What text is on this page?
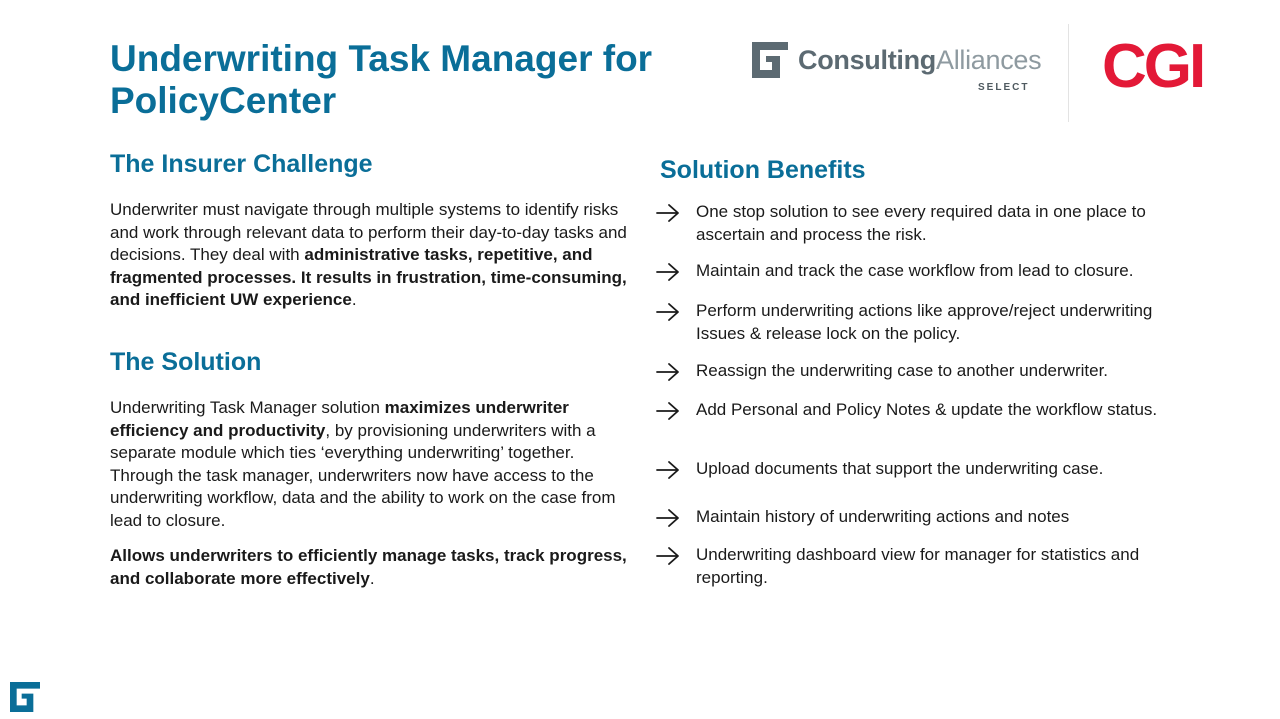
Underwriting Task Manager for PolicyCenter
ConsultingAlliances
SELECT CGI
The Insurer Challenge
Underwriter must navigate through multiple systems to identify risks and work through relevant data to perform their day-to-day tasks and decisions. They deal with administrative tasks, repetitive, and fragmented processes. It results in frustration, time-consuming, and inefficient UW experience.
The Solution
Underwriting Task Manager solution maximizes underwriter efficiency and productivity, by provisioning underwriters with a separate module which ties ‘everything underwriting’ together. Through the task manager, underwriters now have access to the underwriting workflow, data and the ability to work on the case from lead to closure.
Allows underwriters to efficiently manage tasks, track progress, and collaborate more effectively.
Solution Benefits
One stop solution to see every required data in one place to ascertain and process the risk.
Maintain and track the case workflow from lead to closure.
Perform underwriting actions like approve/reject underwriting Issues & release lock on the policy.
Reassign the underwriting case to another underwriter.
Add Personal and Policy Notes & update the workflow status.
Upload documents that support the underwriting case.
Maintain history of underwriting actions and notes
Underwriting dashboard view for manager for statistics and reporting.
